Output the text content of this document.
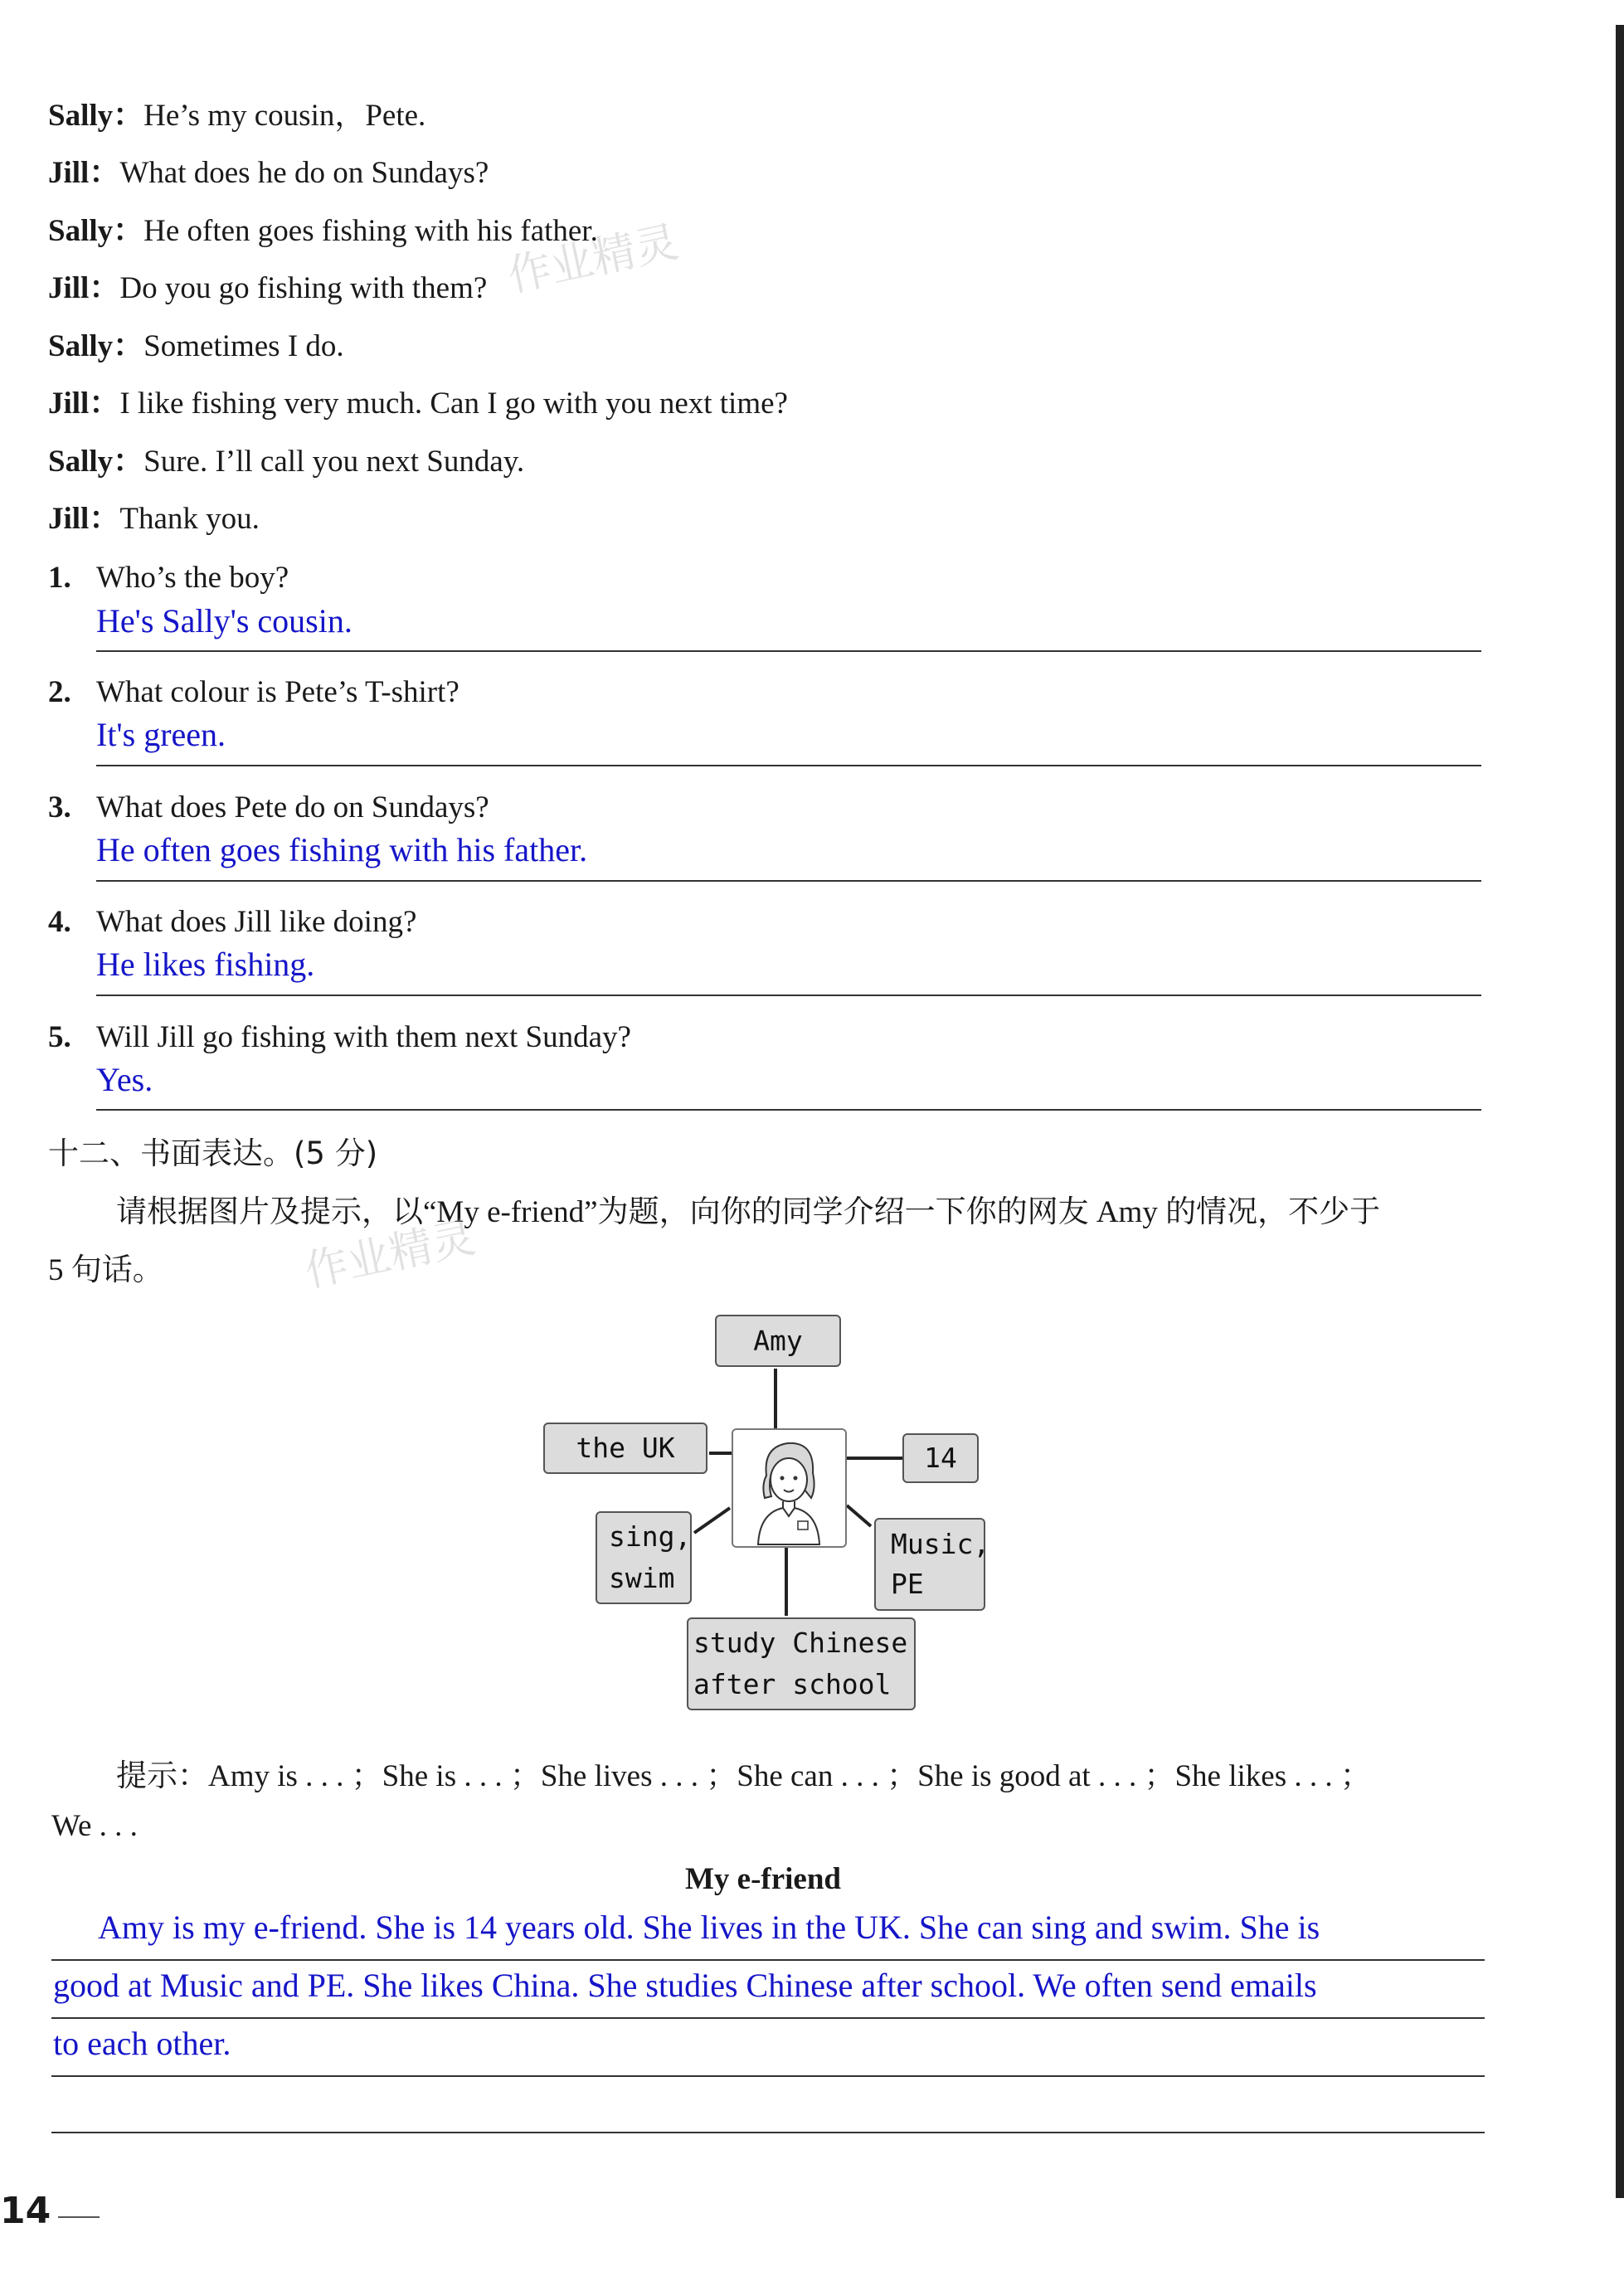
Sally：He’s my cousin，Pete.
Jill：What does he do on Sundays?
Sally：He often goes fishing with his father.
Jill：Do you go fishing with them?
Sally：Sometimes I do.
Jill：I like fishing very much. Can I go with you next time?
Sally：Sure. I’ll call you next Sunday.
Jill：Thank you.
1. Who’s the boy?
He's Sally's cousin.
2. What colour is Pete’s T-shirt?
It's green.
3. What does Pete do on Sundays?
He often goes fishing with his father.
4. What does Jill like doing?
He likes fishing.
5. Will Jill go fishing with them next Sunday?
Yes.
十二、书面表达。(5 分)
请根据图片及提示，以“My e-friend”为题，向你的同学介绍一下你的网友 Amy 的情况，不少于
5 句话。
Amy
the UK	14
sing,
swim
Music,
PE
study Chinese
after school
提示：Amy is . . . ；She is . . . ；She lives . . . ；She can . . . ；She is good at . . . ；She likes . . . ；
We . . .
My e-friend
Amy is my e-friend. She is 14 years old. She lives in the UK. She can sing and swim. She is
good at Music and PE. She likes China. She studies Chinese after school. We often send emails
to each other.
作业精灵
作业精灵
14
